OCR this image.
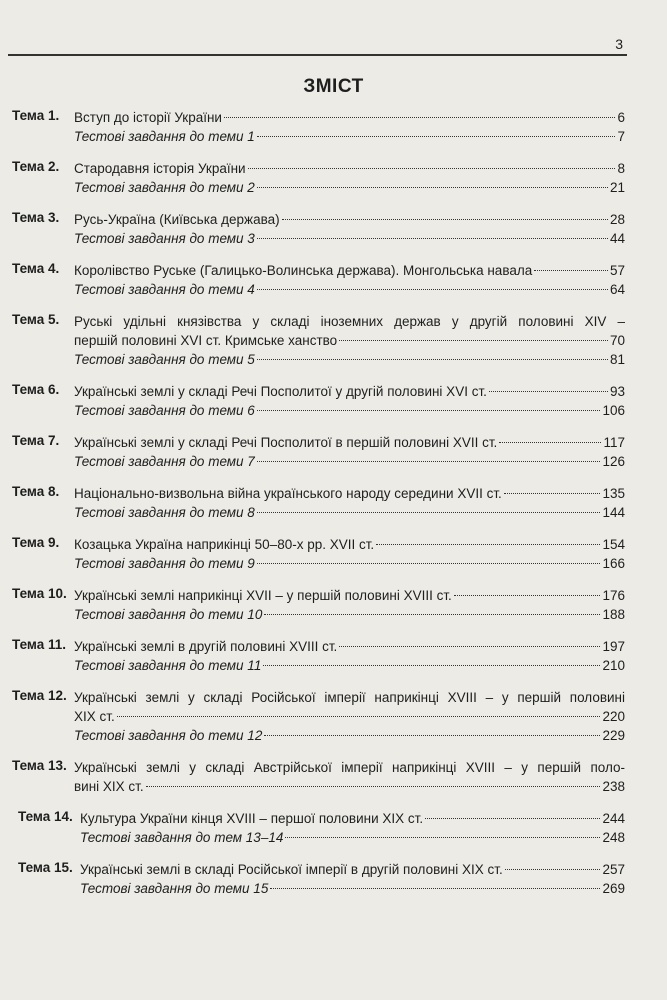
3
ЗМІСТ
Тема 1.	Вступ до історії України	6
Тестові завдання до теми 1	7
Тема 2.	Стародавня історія України	8
Тестові завдання до теми 2	21
Тема 3.	Русь-Україна (Київська держава)	28
Тестові завдання до теми 3	44
Тема 4.	Королівство Руське (Галицько-Волинська держава). Монгольська навала	57
Тестові завдання до теми 4	64
Тема 5.	Руські удільні князівства у складі іноземних держав у другій половині XIV –
першій половині XVI ст. Кримське ханство	70
Тестові завдання до теми 5	81
Тема 6.	Українські землі у складі Речі Посполитої у другій половині XVI ст.	93
Тестові завдання до теми 6	106
Тема 7.	Українські землі у складі Речі Посполитої в першій половині XVII ст.	117
Тестові завдання до теми 7	126
Тема 8.	Національно-визвольна війна українського народу середини XVII ст.	135
Тестові завдання до теми 8	144
Тема 9.	Козацька Україна наприкінці 50–80-х рр. XVII ст.	154
Тестові завдання до теми 9	166
Тема 10. Українські землі наприкінці XVII – у першій половині XVIII ст.	176
Тестові завдання до теми 10	188
Тема 11. Українські землі в другій половині XVIII ст.	197
Тестові завдання до теми 11	210
Тема 12. Українські землі у складі Російської імперії наприкінці XVIII – у першій половині
XIX ст.	220
Тестові завдання до теми 12	229
Тема 13. Українські землі у складі Австрійської імперії наприкінці XVIII – у першій поло-
вині XIX ст.	238
Тема 14. Культура України кінця XVIII – першої половини XIX ст.	244
Тестові завдання до тем 13–14	248
Тема 15. Українські землі в складі Російської імперії в другій половині XIX ст.	257
Тестові завдання до теми 15	269
